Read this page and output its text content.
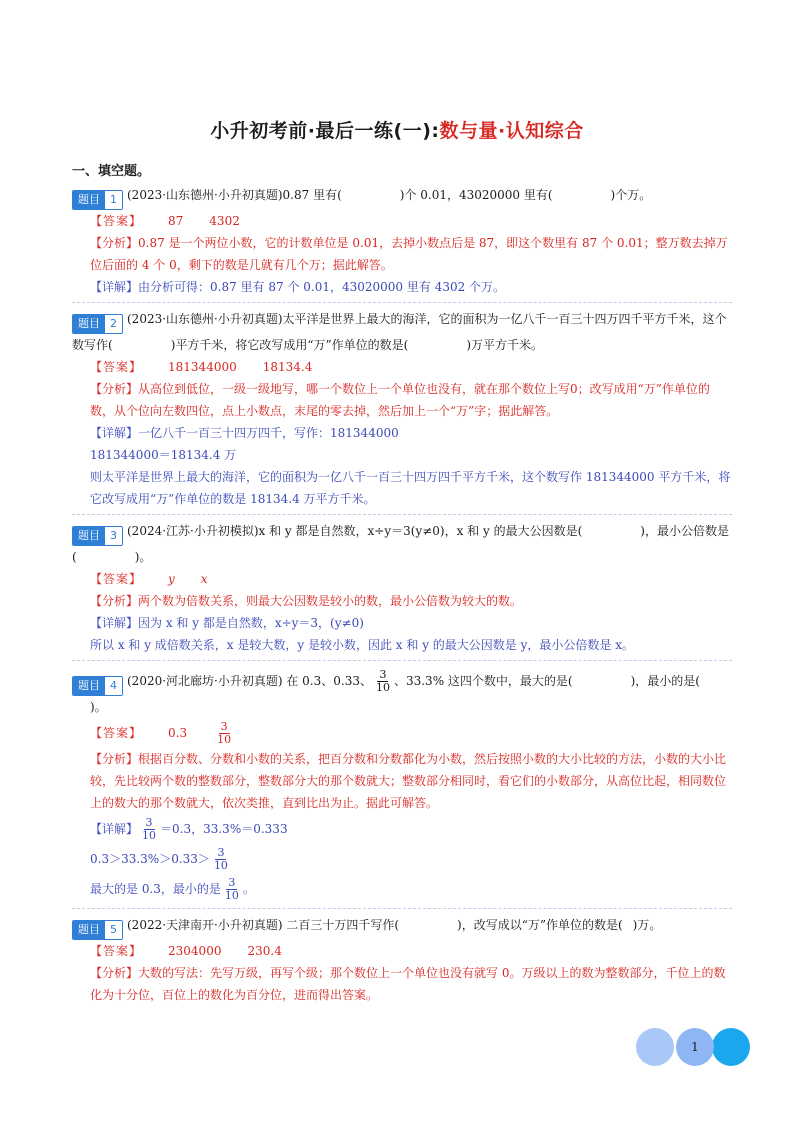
小升初考前·最后一练(一):数与量·认知综合
一、填空题。
题目 1 (2023·山东德州·小升初真题)0.87 里有(	)个 0.01，43020000 里有(	)个万。
【答案】 87 4302
【分析】0.87 是一个两位小数，它的计数单位是 0.01，去掉小数点后是 87，即这个数里有 87 个 0.01；整万数去掉万位后面的 4 个 0，剩下的数是几就有几个万；据此解答。
【详解】由分析可得：0.87 里有 87 个 0.01，43020000 里有 4302 个万。
题目 2 (2023·山东德州·小升初真题)太平洋是世界上最大的海洋，它的面积为一亿八千一百三十四万四千平方千米，这个数写作(	)平方千米，将它改写成用“万”作单位的数是(	)万平方千米。
【答案】 181344000 18134.4
【分析】从高位到低位，一级一级地写，哪一个数位上一个单位也没有，就在那个数位上写0；改写成用“万”作单位的数，从个位向左数四位，点上小数点，末尾的零去掉，然后加上一个“万”字；据此解答。
【详解】一亿八千一百三十四万四千，写作：181344000
181344000＝18134.4 万
则太平洋是世界上最大的海洋，它的面积为一亿八千一百三十四万四千平方千米，这个数写作 181344000 平方千米，将它改写成用“万”作单位的数是 18134.4 万平方千米。
题目 3 (2024·江苏·小升初模拟)x 和 y 都是自然数，x÷y＝3(y≠0)，x 和 y 的最大公因数是(	)，最小公倍数是(	)。
【答案】 y x
【分析】两个数为倍数关系，则最大公因数是较小的数，最小公倍数为较大的数。
【详解】因为 x 和 y 都是自然数，x÷y＝3，(y≠0)
所以 x 和 y 成倍数关系，x 是较大数，y 是较小数，因此 x 和 y 的最大公因数是 y，最小公倍数是 x。
题目 4 (2020·河北廊坊·小升初真题) 在 0.3、0.33、 $\frac{3}{10}$ 、33.3% 这四个数中，最大的是(	)，最小的是(
)。
【答案】 0.3	$\frac{3}{10}$
【分析】根据百分数、分数和小数的关系，把百分数和分数都化为小数，然后按照小数的大小比较的方法，小数的大小比较，先比较两个数的整数部分，整数部分大的那个数就大；整数部分相同时，看它们的小数部分，从高位比起，相同数位上的数大的那个数就大，依次类推，直到比出为止。据此可解答。
【详解】 $\frac{3}{10} =0.3$，33.3%＝0.333
$0.3>33.3\%>0.33> \frac{3}{10}$
最大的是 0.3，最小的是 $\frac{3}{10}$ 。
题目 5 (2022·天津南开·小升初真题) 二百三十万四千写作(	)，改写成以“万”作单位的数是( )万。
【答案】 2304000 230.4
【分析】大数的写法：先写万级，再写个级；那个数位上一个单位也没有就写 0。万级以上的数为整数部分，千位上的数化为十分位，百位上的数化为百分位，进而得出答案。
1
